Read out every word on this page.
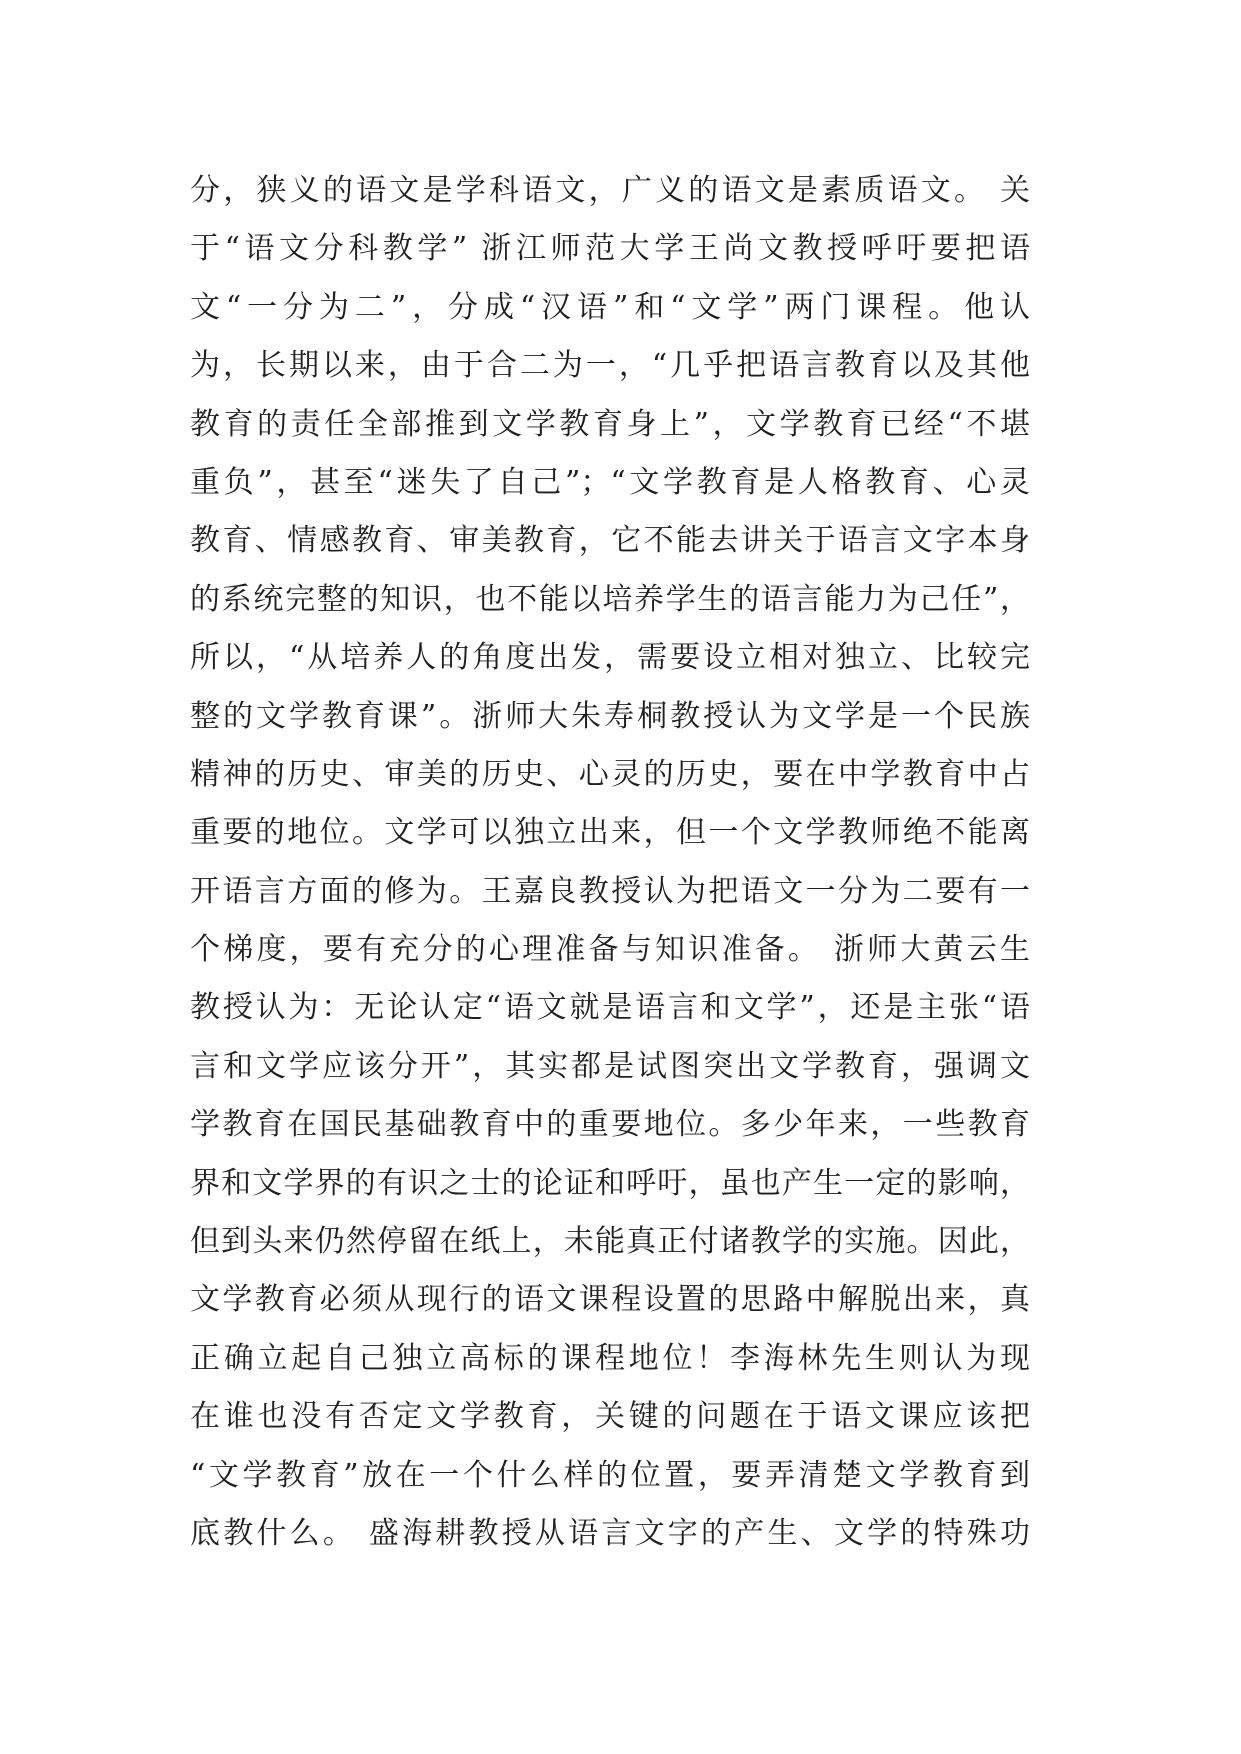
分，狭义的语文是学科语文，广义的语文是素质语文。 关
于“语文分科教学” 浙江师范大学王尚文教授呼吁要把语
文“一分为二”，分成“汉语”和“文学”两门课程。他认
为，长期以来，由于合二为一，“几乎把语言教育以及其他
教育的责任全部推到文学教育身上”，文学教育已经“不堪
重负”，甚至“迷失了自己”；“文学教育是人格教育、心灵
教育、情感教育、审美教育，它不能去讲关于语言文字本身
的系统完整的知识，也不能以培养学生的语言能力为己任”，
所以，“从培养人的角度出发，需要设立相对独立、比较完
整的文学教育课”。浙师大朱寿桐教授认为文学是一个民族
精神的历史、审美的历史、心灵的历史，要在中学教育中占
重要的地位。文学可以独立出来，但一个文学教师绝不能离
开语言方面的修为。王嘉良教授认为把语文一分为二要有一
个梯度，要有充分的心理准备与知识准备。 浙师大黄云生
教授认为：无论认定“语文就是语言和文学”，还是主张“语
言和文学应该分开”，其实都是试图突出文学教育，强调文
学教育在国民基础教育中的重要地位。多少年来，一些教育
界和文学界的有识之士的论证和呼吁，虽也产生一定的影响，
但到头来仍然停留在纸上，未能真正付诸教学的实施。因此，
文学教育必须从现行的语文课程设置的思路中解脱出来，真
正确立起自己独立高标的课程地位！李海林先生则认为现
在谁也没有否定文学教育，关键的问题在于语文课应该把
“文学教育”放在一个什么样的位置，要弄清楚文学教育到
底教什么。 盛海耕教授从语言文字的产生、文学的特殊功
